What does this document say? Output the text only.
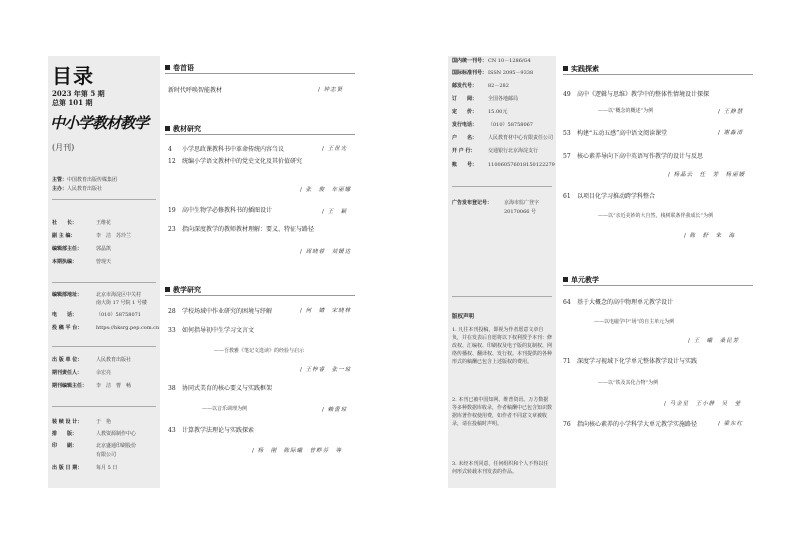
目录
2023 年第 5 期
总第 101 期
中小学教材教学
(月刊)
主管：中国教育出版传媒集团
主办：人民教育出版社
社　　长：	王维花
副 主 编：	李　洁　苏玲兰
编辑部主任：	郭晶凯
本期执编：	曾现天
编辑部地址：	北京市海淀区中关村
南大街 17 号院 1 号楼
电　　话：	（010）58758071
投 稿 平 台：	https://hksrg.pep.com.cn
出 版 单 位：	人民教育出版社
期刊责任人：	余宏亮
期刊编辑主任： 李　洁　曹　畅
装 帧 设 计：	于　艳
排　　版：	人教资源制作中心
印　　刷：	北京盛通印刷股份
有限公司
出 版 日 期：	每月 5 日
卷首语
新时代呼唤智能教材	/ 钟志贤
教材研究
4 小学思政课教科书中革命传统内容刍议	/ 王世光
12 统编小学语文教材中的党史文化及其价值研究
/ 张　俊　车丽娜
19 高中生物学必修教科书的插图设计	/ 王　颖
23 指向深度教学的教师教材理解：要义、特征与路径
/ 周晓蓉　刘媛达
教学研究
28 学校场域中作业研究的困境与纾解	/ 何　婧　宋晓林
33 如何指导初中生学习文言文
——吾教雅《笔记文选读》的经验与启示
/ 王梓睿　张一琼
38 协同式美育的核心要义与实践框架
——以音乐调理为例	/ 赖蕾琼
43 计算教学法理论与实践探索
/ 杨　刚　陈际曦　曾畔芬　等
国内统一刊号： CN 10－1286/G4
国际标准刊号： ISSN 2095－9338
邮发代号： 82－282
订　　阅： 全国各地邮局
定　　价： 15.00元
发行电话： （010）58758067
户　　名： 人民教育材中心有限责任公司
开 户 行：	交通银行北京海淀支行
账　　号： 110060576018150122279
广告发布登记号： 京海市监广登字
20170066 号
版权声明
1. 凡往本刊投稿，即视为作者愿意文章自负，并在发表后自愿将以下权利授予本刊：修改权、汇编权、印刷权及电子版的复制权、网络传播权、翻译权、发行权。本刊提供的各种形式的稿酬已包含上述版权的费用。
2. 本刊已被中国知网、维普资讯、万方数据等多种数据库收录，作者稿酬中已包含知识数据库著作权使用费，如作者不同意文章被收录，请在投稿时声明。
3. 未经本刊同意，任何组织和个人不得以任何形式转载本刊发表的作品。
实践探索
49 高中《逻辑与思维》教学中的整体性情境设计探探
——以“概念的概述”为例	/ 王静慧
53 构建“五动五感”高中语文阅读课堂	/ 谢淼清
57 核心素养导向下高中英语写作教学的设计与反思
/ 杨晶云　任　芳　杨丽媛
61 以项目化学习推动跨学科整合
——以“亲近美妙的大自然，栈树联条伴我成长”为例
/ 陈　舒　朱　海
单元教学
64 基于大概念的高中物理单元教学设计
——以电磁学中“场”的自主单元为例
/ 王　曦　桑昆芳
71 深度学习视域下化学单元整体教学设计与实践
——以“铁及其化合物”为例
/ 马金星　王小静　吴　莹
76 指向核心素养的小学科学大单元教学实施路径	/ 梁东红
